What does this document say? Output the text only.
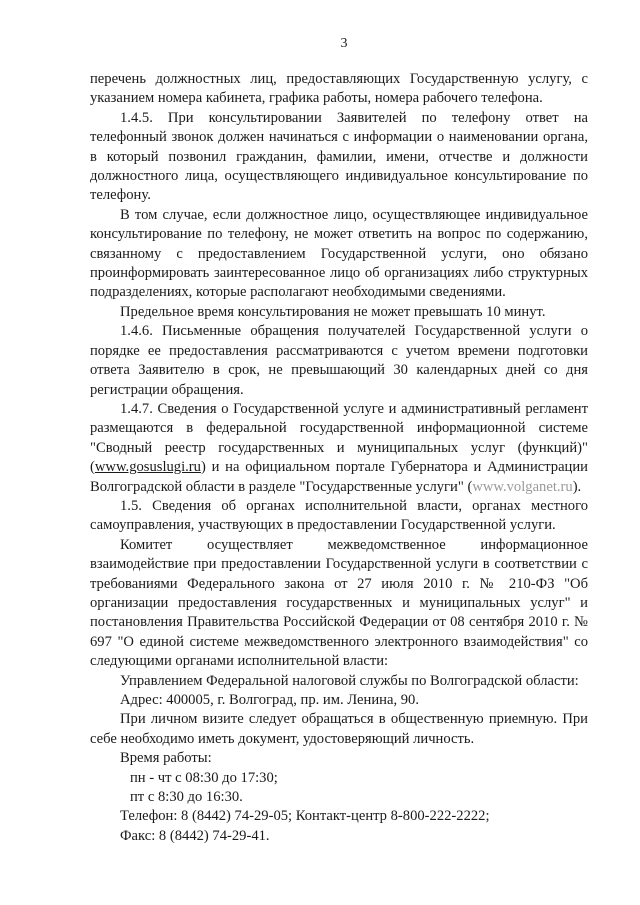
3

перечень должностных лиц, предоставляющих Государственную услугу, с указанием номера кабинета, графика работы, номера рабочего телефона.

1.4.5. При консультировании Заявителей по телефону ответ на телефонный звонок должен начинаться с информации о наименовании органа, в который позвонил гражданин, фамилии, имени, отчестве и должности должностного лица, осуществляющего индивидуальное консультирование по телефону.

В том случае, если должностное лицо, осуществляющее индивидуальное консультирование по телефону, не может ответить на вопрос по содержанию, связанному с предоставлением Государственной услуги, оно обязано проинформировать заинтересованное лицо об организациях либо структурных подразделениях, которые располагают необходимыми сведениями.

Предельное время консультирования не может превышать 10 минут.

1.4.6. Письменные обращения получателей Государственной услуги о порядке ее предоставления рассматриваются с учетом времени подготовки ответа Заявителю в срок, не превышающий 30 календарных дней со дня регистрации обращения.

1.4.7. Сведения о Государственной услуге и административный регламент размещаются в федеральной государственной информационной системе "Сводный реестр государственных и муниципальных услуг (функций)" (www.gosuslugi.ru) и на официальном портале Губернатора и Администрации Волгоградской области в разделе "Государственные услуги" (www.volganet.ru).

1.5. Сведения об органах исполнительной власти, органах местного самоуправления, участвующих в предоставлении Государственной услуги.

Комитет осуществляет межведомственное информационное взаимодействие при предоставлении Государственной услуги в соответствии с требованиями Федерального закона от 27 июля 2010 г. № 210-ФЗ "Об организации предоставления государственных и муниципальных услуг" и постановления Правительства Российской Федерации от 08 сентября 2010 г. № 697 "О единой системе межведомственного электронного взаимодействия" со следующими органами исполнительной власти:

Управлением Федеральной налоговой службы по Волгоградской области:

Адрес: 400005, г. Волгоград, пр. им. Ленина, 90.

При личном визите следует обращаться в общественную приемную. При себе необходимо иметь документ, удостоверяющий личность.

Время работы:

пн - чт с 08:30 до 17:30;

пт с 8:30 до 16:30.

Телефон: 8 (8442) 74-29-05; Контакт-центр 8-800-222-2222;

Факс: 8 (8442) 74-29-41.
